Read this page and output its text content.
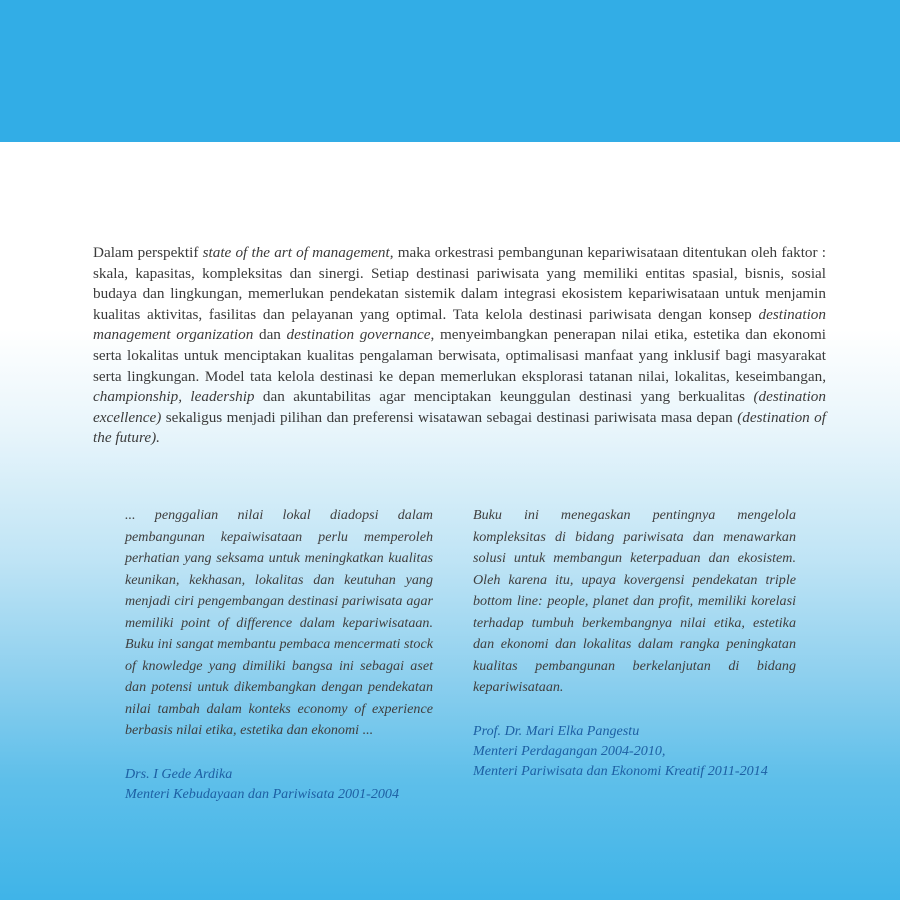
Dalam perspektif state of the art of management, maka orkestrasi pembangunan kepariwisataan ditentukan oleh faktor : skala, kapasitas, kompleksitas dan sinergi. Setiap destinasi pariwisata yang memiliki entitas spasial, bisnis, sosial budaya dan lingkungan, memerlukan pendekatan sistemik dalam integrasi ekosistem kepariwisataan untuk menjamin kualitas aktivitas, fasilitas dan pelayanan yang optimal. Tata kelola destinasi pariwisata dengan konsep destination management organization dan destination governance, menyeimbangkan penerapan nilai etika, estetika dan ekonomi serta lokalitas untuk menciptakan kualitas pengalaman berwisata, optimalisasi manfaat yang inklusif bagi masyarakat serta lingkungan. Model tata kelola destinasi ke depan memerlukan eksplorasi tatanan nilai, lokalitas, keseimbangan, championship, leadership dan akuntabilitas agar menciptakan keunggulan destinasi yang berkualitas (destination excellence) sekaligus menjadi pilihan dan preferensi wisatawan sebagai destinasi pariwisata masa depan (destination of the future).

... penggalian nilai lokal diadopsi dalam pembangunan kepaiwisataan perlu memperoleh perhatian yang seksama untuk meningkatkan kualitas keunikan, kekhasan, lokalitas dan keutuhan yang menjadi ciri pengembangan destinasi pariwisata agar memiliki point of difference dalam kepariwisataan. Buku ini sangat membantu pembaca mencermati stock of knowledge yang dimiliki bangsa ini sebagai aset dan potensi untuk dikembangkan dengan pendekatan nilai tambah dalam konteks economy of experience berbasis nilai etika, estetika dan ekonomi ...

Drs. I Gede Ardika
Menteri Kebudayaan dan Pariwisata 2001-2004

Buku ini menegaskan pentingnya mengelola kompleksitas di bidang pariwisata dan menawarkan solusi untuk membangun keterpaduan dan ekosistem. Oleh karena itu, upaya kovergensi pendekatan triple bottom line: people, planet dan profit, memiliki korelasi terhadap tumbuh berkembangnya nilai etika, estetika dan ekonomi dan lokalitas dalam rangka peningkatan kualitas pembangunan berkelanjutan di bidang kepariwisataan.

Prof. Dr. Mari Elka Pangestu
Menteri Perdagangan 2004-2010,
Menteri Pariwisata dan Ekonomi Kreatif 2011-2014
